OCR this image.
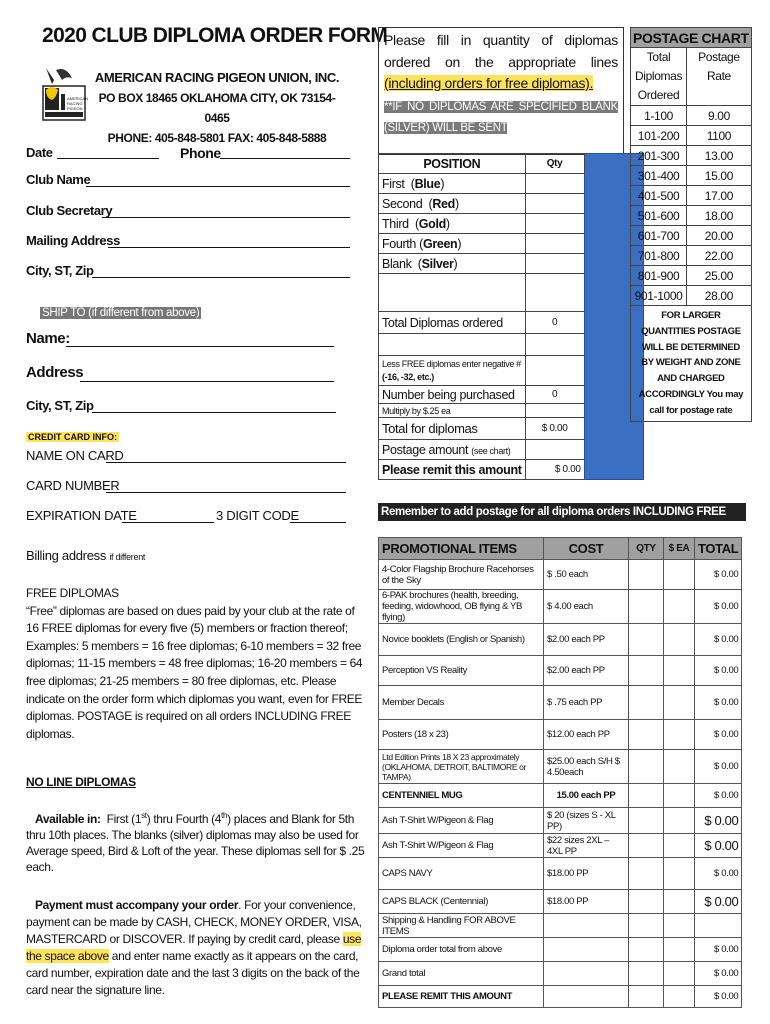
2020 CLUB DIPLOMA ORDER FORM
AMERICAN
RACING
PIGEON
AMERICAN RACING PIGEON UNION, INC.
PO BOX 18465 OKLAHOMA CITY, OK 73154-0465
PHONE: 405-848-5801 FAX: 405-848-5888
Date	Phone
Club Name
Club Secretary
Mailing Address
City, ST, Zip
SHIP TO (if different from above)
Name:
Address
City, ST, Zip
CREDIT CARD INFO:
NAME ON CARD
CARD NUMBER
EXPIRATION DATE	3 DIGIT CODE
Billing address if different
FREE DIPLOMAS
“Free” diplomas are based on dues paid by your club at the rate of 16 FREE diplomas for every five (5) members or fraction thereof; Examples: 5 members = 16 free diplomas; 6-10 members = 32 free diplomas; 11-15 members = 48 free diplomas; 16-20 members = 64 free diplomas; 21-25 members = 80 free diplomas, etc. Please indicate on the order form which diplomas you want, even for FREE diplomas. POSTAGE is required on all orders INCLUDING FREE diplomas.
NO LINE DIPLOMAS
Available in: First (1st) thru Fourth (4th) places and Blank for 5th thru 10th places. The blanks (silver) diplomas may also be used for Average speed, Bird & Loft of the year. These diplomas sell for $ .25 each.
Payment must accompany your order. For your convenience, payment can be made by CASH, CHECK, MONEY ORDER, VISA, MASTERCARD or DISCOVER. If paying by credit card, please use the space above and enter name exactly as it appears on the card, card number, expiration date and the last 3 digits on the back of the card near the signature line.
Please fill in quantity of diplomas ordered on the appropriate lines (including orders for free diplomas).
**IF NO DIPLOMAS ARE SPECIFIED BLANK (SILVER) WILL BE SENT
POSITION	Qty		
First  (Blue)			
Second  (Red)			
Third  (Gold)			
Fourth (Green)			
Blank  (Silver)			

Total Diplomas ordered	0		

Less FREE diplomas enter negative # (-16, -32, etc.)			
Number being purchased	0		
Multiply by $.25 ea			
Total for diplomas	$ 0.00		
Postage amount (see chart)			
Please remit this amount	$ 0.00		
POSTAGE CHART	
Total Diplomas Ordered	Postage Rate
1-100	9.00
101-200	1100
201-300	13.00
301-400	15.00
401-500	17.00
501-600	18.00
601-700	20.00
701-800	22.00
801-900	25.00
901-1000	28.00
FOR LARGER QUANTITIES POSTAGE WILL BE DETERMINED BY WEIGHT AND ZONE AND CHARGED ACCORDINGLY You may call for postage rate	
Remember to add postage for all diploma orders INCLUDING FREE diplomas
PROMOTIONAL ITEMS	COST	QTY	$ EA	TOTAL
4-Color Flagship Brochure Racehorses of the Sky	$ .50 each			$ 0.00
6-PAK brochures (health, breeding, feeding, widowhood, OB flying & YB flying)	$ 4.00 each			$ 0.00
Novice booklets (English or Spanish)	$2.00 each PP			$ 0.00
Perception VS Reality	$2.00 each PP			$ 0.00
Member Decals	$ .75 each PP			$ 0.00
Posters (18 x 23)	$12.00 each PP			$ 0.00
Ltd Edition Prints 18 X 23 approximately (OKLAHOMA, DETROIT, BALTIMORE or TAMPA)	$25.00 each S/H $ 4.50each			$ 0.00
CENTENNIEL MUG	15.00 each PP			$ 0.00
Ash T-Shirt W/Pigeon & Flag	$ 20 (sizes S - XL PP)			$ 0.00
Ash T-Shirt W/Pigeon & Flag	$22 sizes 2XL – 4XL PP			$ 0.00
CAPS NAVY	$18.00 PP			$ 0.00
CAPS BLACK (Centennial)	$18.00 PP			$ 0.00
Shipping & Handling FOR ABOVE ITEMS				
Diploma order total from above				$ 0.00
Grand total				$ 0.00
PLEASE REMIT THIS AMOUNT				$ 0.00
